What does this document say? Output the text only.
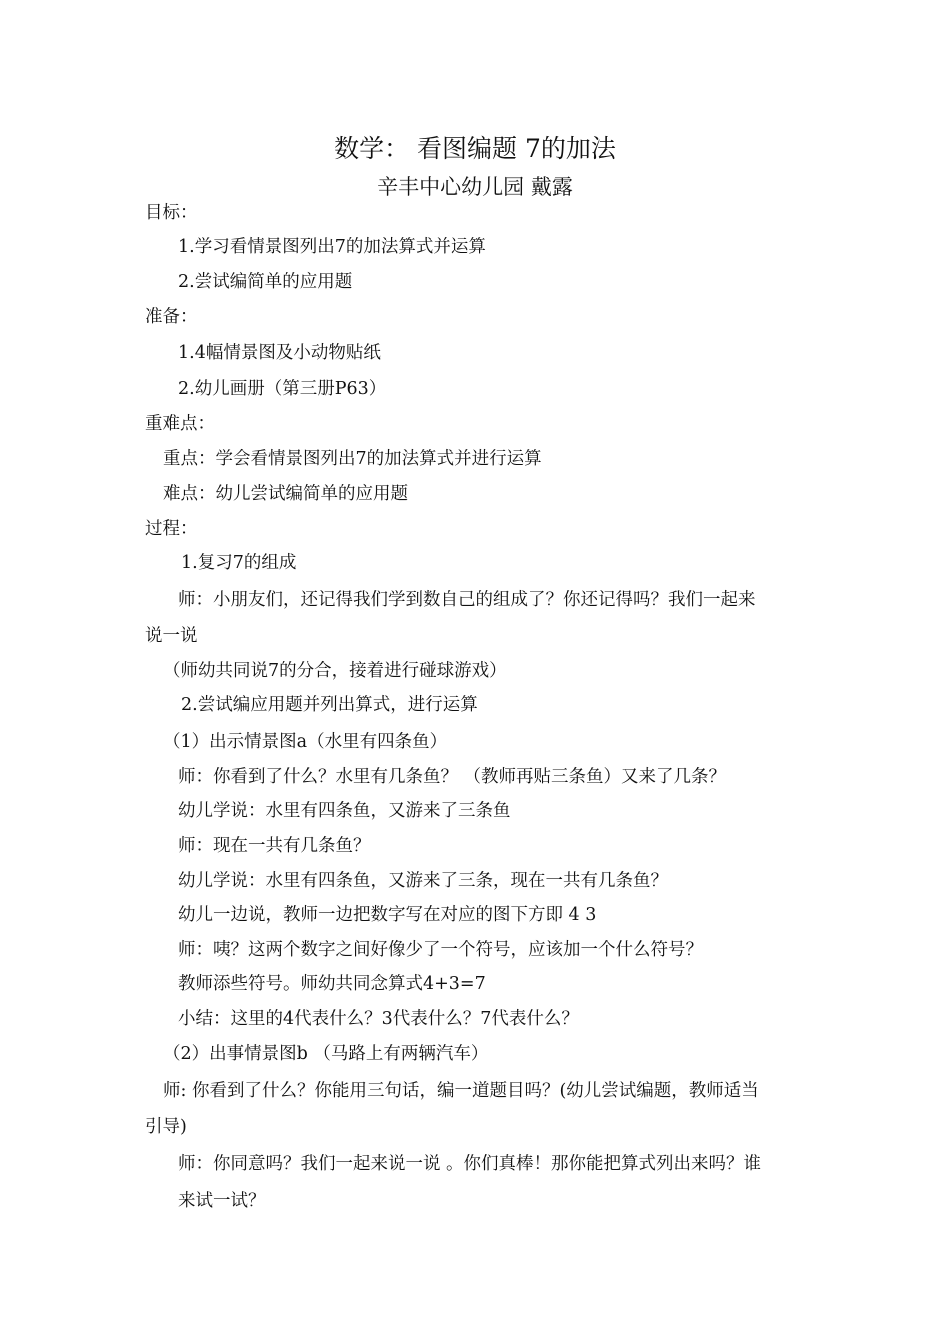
数学： 看图编题 7的加法
辛丰中心幼儿园 戴露
目标：
1.学习看情景图列出7的加法算式并运算
2.尝试编简单的应用题
准备：
1.4幅情景图及小动物贴纸
2.幼儿画册（第三册P63）
重难点：
重点：学会看情景图列出7的加法算式并进行运算
难点：幼儿尝试编简单的应用题
过程：
1.复习7的组成
师：小朋友们，还记得我们学到数自己的组成了？你还记得吗？我们一起来
说一说
（师幼共同说7的分合，接着进行碰球游戏）
2.尝试编应用题并列出算式，进行运算
（1）出示情景图a（水里有四条鱼）
师：你看到了什么？水里有几条鱼？ （教师再贴三条鱼）又来了几条？
幼儿学说：水里有四条鱼，又游来了三条鱼
师：现在一共有几条鱼？
幼儿学说：水里有四条鱼，又游来了三条，现在一共有几条鱼？
幼儿一边说，教师一边把数字写在对应的图下方即 4 3
师：咦？这两个数字之间好像少了一个符号，应该加一个什么符号？
教师添些符号。师幼共同念算式4+3=7
小结：这里的4代表什么？3代表什么？7代表什么？
（2）出事情景图b （马路上有两辆汽车）
师: 你看到了什么？你能用三句话，编一道题目吗？(幼儿尝试编题，教师适当
引导)
师：你同意吗？我们一起来说一说 。你们真棒！那你能把算式列出来吗？谁
来试一试？
